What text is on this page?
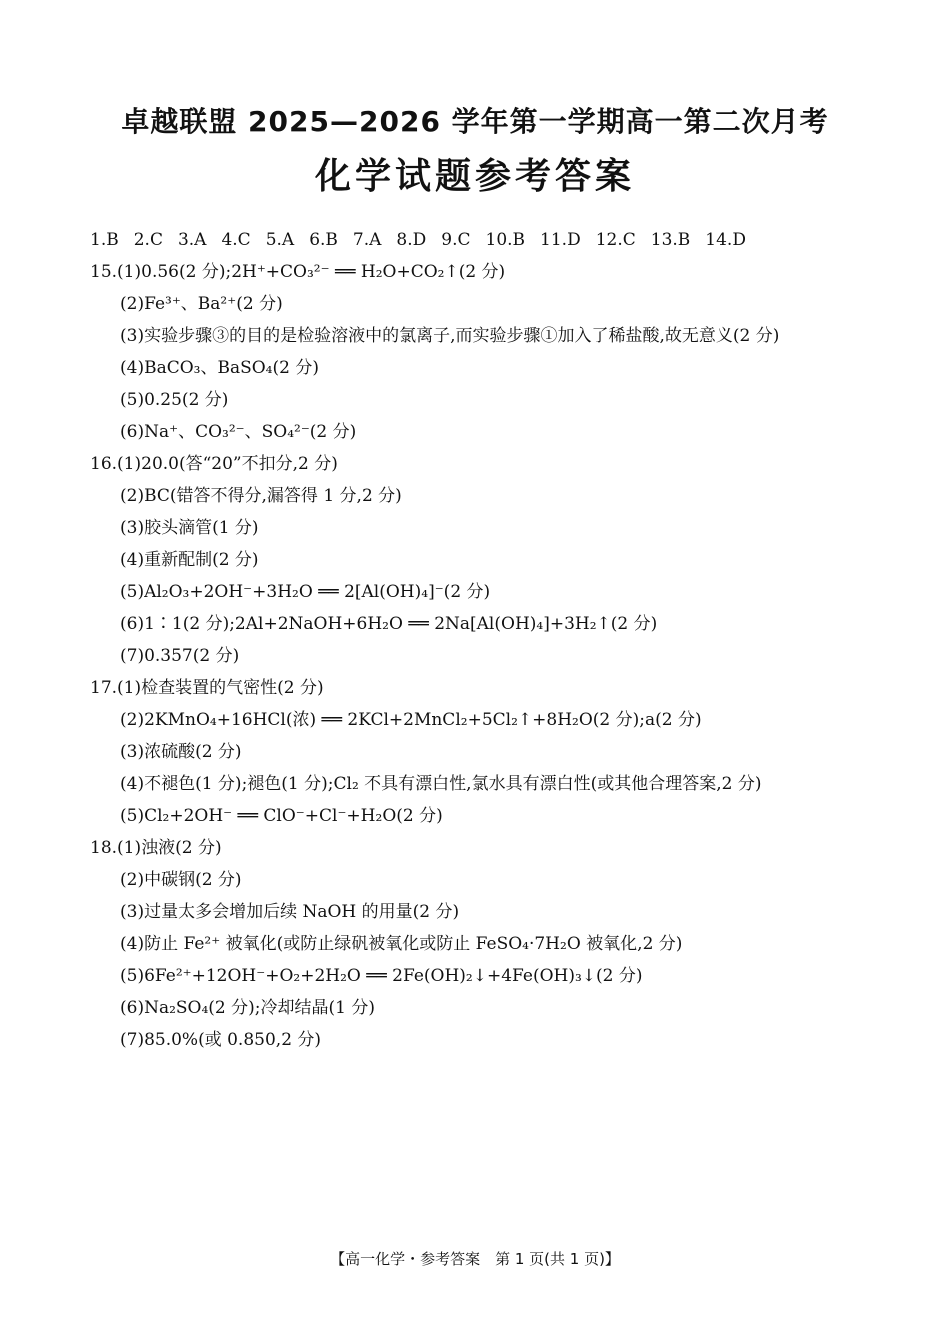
卓越联盟 2025—2026 学年第一学期高一第二次月考
化学试题参考答案
1.B 2.C 3.A 4.C 5.A 6.B 7.A 8.D 9.C 10.B 11.D 12.C 13.B 14.D
15.(1)0.56(2 分);2H⁺+CO₃²⁻ ══ H₂O+CO₂↑(2 分)
(2)Fe³⁺、Ba²⁺(2 分)
(3)实验步骤③的目的是检验溶液中的氯离子,而实验步骤①加入了稀盐酸,故无意义(2 分)
(4)BaCO₃、BaSO₄(2 分)
(5)0.25(2 分)
(6)Na⁺、CO₃²⁻、SO₄²⁻(2 分)
16.(1)20.0(答“20”不扣分,2 分)
(2)BC(错答不得分,漏答得 1 分,2 分)
(3)胶头滴管(1 分)
(4)重新配制(2 分)
(5)Al₂O₃+2OH⁻+3H₂O ══ 2[Al(OH)₄]⁻(2 分)
(6)1∶1(2 分);2Al+2NaOH+6H₂O ══ 2Na[Al(OH)₄]+3H₂↑(2 分)
(7)0.357(2 分)
17.(1)检查装置的气密性(2 分)
(2)2KMnO₄+16HCl(浓) ══ 2KCl+2MnCl₂+5Cl₂↑+8H₂O(2 分);a(2 分)
(3)浓硫酸(2 分)
(4)不褪色(1 分);褪色(1 分);Cl₂ 不具有漂白性,氯水具有漂白性(或其他合理答案,2 分)
(5)Cl₂+2OH⁻ ══ ClO⁻+Cl⁻+H₂O(2 分)
18.(1)浊液(2 分)
(2)中碳钢(2 分)
(3)过量太多会增加后续 NaOH 的用量(2 分)
(4)防止 Fe²⁺ 被氧化(或防止绿矾被氧化或防止 FeSO₄·7H₂O 被氧化,2 分)
(5)6Fe²⁺+12OH⁻+O₂+2H₂O ══ 2Fe(OH)₂↓+4Fe(OH)₃↓(2 分)
(6)Na₂SO₄(2 分);冷却结晶(1 分)
(7)85.0%(或 0.850,2 分)
【高一化学・参考答案　第 1 页(共 1 页)】
